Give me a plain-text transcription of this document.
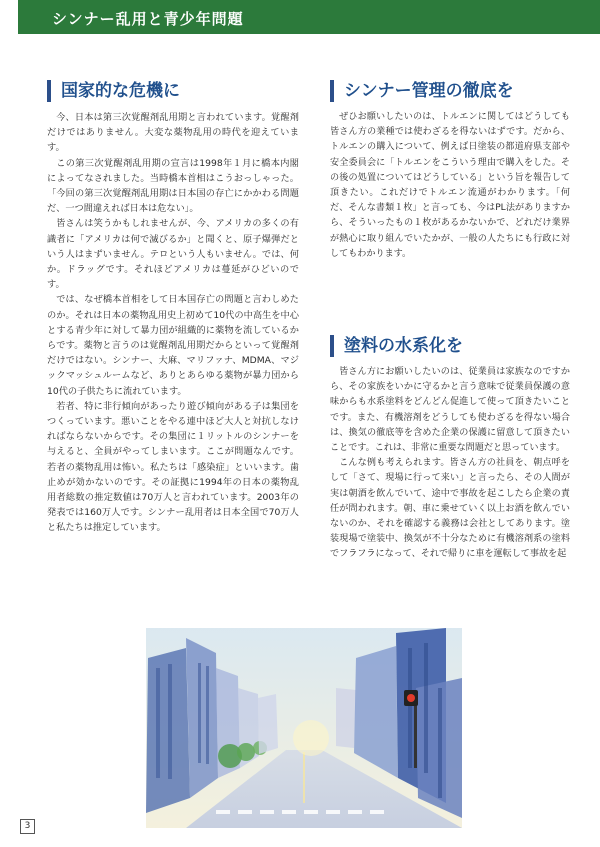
シンナー乱用と青少年問題
国家的な危機に

今、日本は第三次覚醒剤乱用期と言われています。覚醒剤だけではありません。大変な薬物乱用の時代を迎えています。

この第三次覚醒剤乱用期の宣言は1998年１月に橋本内閣によってなされました。当時橋本首相はこうおっしゃった。「今回の第三次覚醒剤乱用期は日本国の存亡にかかわる問題だ、一つ間違えれば日本は危ない」。

皆さんは笑うかもしれませんが、今、アメリカの多くの有識者に「アメリカは何で滅びるか」と聞くと、原子爆弾だという人はまずいません。テロという人もいません。では、何か。ドラッグです。それほどアメリカは蔓延がひどいのです。

では、なぜ橋本首相をして日本国存亡の問題と言わしめたのか。それは日本の薬物乱用史上初めて10代の中高生を中心とする青少年に対して暴力団が組織的に薬物を流しているからです。薬物と言うのは覚醒剤乱用期だからといって覚醒剤だけではない。シンナー、大麻、マリファナ、MDMA、マジックマッシュルームなど、ありとあらゆる薬物が暴力団から10代の子供たちに流れています。

若者、特に非行傾向があったり遊び傾向がある子は集団をつくっています。悪いことをやる連中ほど大人と対抗しなければならないからです。その集団に１リットルのシンナーを与えると、全員がやってしまいます。ここが問題なんです。若者の薬物乱用は怖い。私たちは「感染症」といいます。歯止めが効かないのです。その証拠に1994年の日本の薬物乱用者総数の推定数値は70万人と言われています。2003年の発表では160万人です。シンナー乱用者は日本全国で70万人と私たちは推定しています。

シンナー管理の徹底を

ぜひお願いしたいのは、トルエンに関してはどうしても皆さん方の業種では使わざるを得ないはずです。だから、トルエンの購入について、例えば日塗装の都道府県支部や安全委員会に「トルエンをこういう理由で購入をした。その後の処置についてはどうしている」という旨を報告して頂きたい。これだけでトルエン流通がわかります。「何だ、そんな書類１枚」と言っても、今はPL法がありますから、そういったもの１枚があるかないかで、どれだけ業界が熱心に取り組んでいたかが、一般の人たちにも行政に対してもわかります。

塗料の水系化を

皆さん方にお願いしたいのは、従業員は家族なのですから、その家族をいかに守るかと言う意味で従業員保護の意味からも水系塗料をどんどん促進して使って頂きたいことです。また、有機溶剤をどうしても使わざるを得ない場合は、換気の徹底等を含めた企業の保護に留意して頂きたいことです。これは、非常に重要な問題だと思っています。

こんな例も考えられます。皆さん方の社員を、朝点呼をして「さて、現場に行って来い」と言ったら、その人間が実は朝酒を飲んでいて、途中で事故を起こしたら企業の責任が問われます。朝、車に乗せていく以上お酒を飲んでいないのか、それを確認する義務は会社としてあります。塗装現場で塗装中、換気が不十分なために有機溶剤系の塗料でフラフラになって、それで帰りに車を運転して事故を起

3
